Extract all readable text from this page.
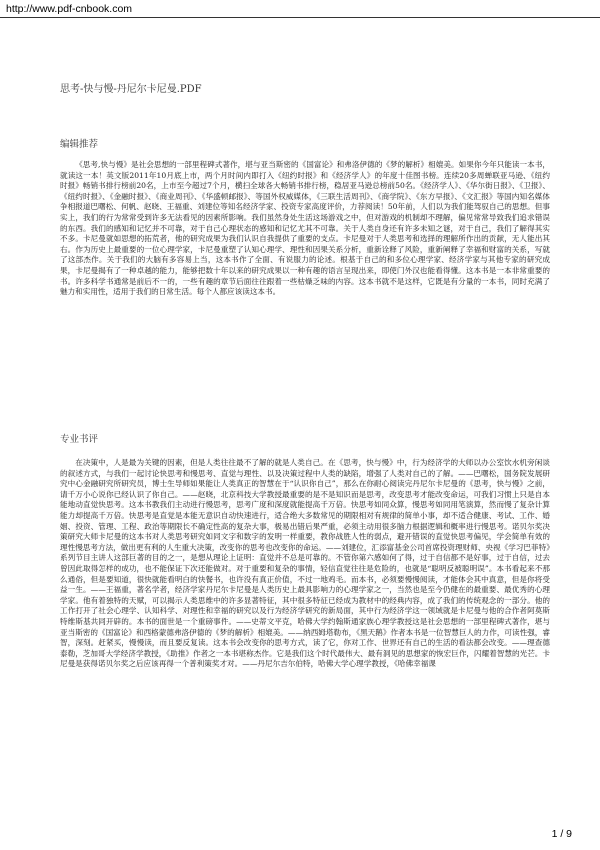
http://www.pdf-cnbook.com
思考-快与慢-丹尼尔卡尼曼.PDF
编辑推荐

《思考,快与慢》是社会思想的一部里程碑式著作，堪与亚当斯密的《国富论》和弗洛伊德的《梦的解析》相媲美。如果你今年只能读一本书，就读这一本！英文版2011年10月底上市，两个月时间内即打入《纽约时报》和《经济学人》的年度十佳图书榜。连续20多周蝉联亚马逊、《纽约时报》畅销书排行榜前20名，上市至今超过7个月，横扫全球各大畅销书排行榜，稳居亚马逊总榜前50名。《经济学人》、《华尔街日报》、《卫报》、《纽约时报》、《金融时报》、《商业周刊》、《华盛顿邮报》、等国外权威媒体，《三联生活周刊》、《商学院》、《东方早报》、《文汇报》等国内知名媒体争相报道巴曙松、何帆、赵晓、王福重、刘建位等知名经济学家、投资专家高度评价，力荐阅读！50年前，人们以为我们能驾驭自己的思想。但事实上，我们的行为常常受到许多无法看见的因素所影响。我们虽然身处生活这场游戏之中，但对游戏的机制却不理解，偏见常常导致我们追求错误的东西。我们的感知和记忆并不可靠，对于自己心理状态的感知和记忆尤其不可靠。关于人类自身还有许多未知之谜，对于自己，我们了解得其实不多。卡尼曼就如思想的拓荒者，他的研究成果为我们认识自我提供了重要的支点。卡尼曼对于人类思考和选择的理解所作出的贡献，无人能出其右。作为历史上最重要的一位心理学家，卡尼曼重塑了认知心理学、理性和因果关系分析，重新诠释了风险，重新阐释了幸福和财富的关系，写就了这部杰作。关于我们的大脑有多容易上当，这本书作了全面、有说服力的论述。根基于自己的和多位心理学家、经济学家与其他专家的研究成果，卡尼曼揭有了一种卓越的能力，能够把数十年以来的研究成果以一种有趣的语言呈现出来，即使门外汉也能看得懂。这本书是一本非常重要的书。许多科学书通常是前后不一的，一些有趣的章节后面往往跟着一些枯燥乏味的内容。这本书就不是这样，它既是有分量的一本书，同时充满了魅力和实用性，适用于我们的日常生活。每个人都应该读这本书。

专业书评

在决策中，人是最为关键的因素，但是人类往往最不了解的就是人类自己。在《思考，快与慢》中，行为经济学的大师以办公室饮水机旁闲谈的叙述方式，与我们一起讨论快思考和慢思考、直觉与理性、以及决策过程中人类的缺陷，增强了人类对自己的了解。——巴曙松，国务院发展研究中心金融研究所研究员，博士生导师如果能让人类真正的智慧在于“认识你自己”，那么在你耐心阅读完丹尼尔卡尼曼的《思考，快与慢》之前，请千万小心说你已经认识了你自己。——赵晓，北京科技大学教授最重要的是不是知识而是思考，改变思考才能改变命运，可我们习惯上只是自本能地动直觉快思考。这本书教我们主动进行慢思考，思考广度和深度就能提高千万倍。快思考如同众算，慢思考如同用笔演算，然而慢了复杂计算能力却提高千万倍。快思考是直觉是本能无意识自动快速进行，适合绝大多数常见的期限相对有规律的简单小事，却不适合健康、考试、工作、婚姻、投资、管理、工程、政治等期限长不确定性高的复杂大事，极易出错后果严重，必须主动用很多脑力根据逻辑和概率进行慢思考。诺贝尔奖决策研究大师卡尼曼的这本书对人类思考研究如同文字和数字的发明一样重要，教你战胜人性的弱点，避开错误的直觉快思考偏见，学会简单有效的理性慢思考方法，做出更有利的人生重大决策，改变你的思考也改变你的命运。——刘建位，汇添富基金公司首席投资理财师、央视《学习巴菲特》系列节目主讲人这部巨著的目的之一，是想从理论上证明：直觉并不总是可靠的。不管你第六感如何了得，过于自信都不是好事，过于自信，过去曾因此取得怎样的成功，也不能保证下次还能做对。对于重要和复杂的事情，轻信直觉往往是危险的，也就是“聪明反被聪明误”。本书看起来不那么通俗，但是要知道，很快就能看明白的快餐书，也许没有真正价值，不过一地鸡毛。而本书，必须要慢慢阅读，才能体会其中真意，但是你将受益一生。——王福重，著名学者，经济学家丹尼尔卡尼曼是人类历史上最具影响力的心理学家之一，当然也是至今仍健在的最重要、最优秀的心理学家。他有着独特的天赋，可以揭示人类思维中的许多显著特征，其中很多特征已经成为教材中的经典内容，成了我们的传统观念的一部分。他的工作打开了社会心理学、认知科学、对理性和幸福的研究以及行为经济学研究的新局面，其中行为经济学这一领域就是卡尼曼与他的合作者阿莫斯特维斯基共同开辟的。本书的面世是一个重磅事件。——史蒂文平克，哈佛大学约翰斯通家族心理学教授这是社会思想的一部里程碑式著作，堪与亚当斯密的《国富论》和西格蒙德弗洛伊德的《梦的解析》相媲美。——纳西姆塔勒布，《黑天鹅》作者本书是一位智慧巨人的力作，可读性强，睿智，深刻。赶紧买，慢慢读，而且要反复读。这本书会改变你的思考方式，读了它，你对工作、世界还有自己的生活的看法都会改变。——理查德泰勒，芝加哥大学经济学教授，《助推》作者之一本书堪称杰作。它是我们这个时代最伟大、最有洞见的思想家的恢宏巨作，闪耀着智慧的光芒。卡尼曼是获得诺贝尔奖之后应该再得一个普利策奖才对。——丹尼尔吉尔伯特，哈佛大学心理学教授，《哈佛幸福课

1 / 9
